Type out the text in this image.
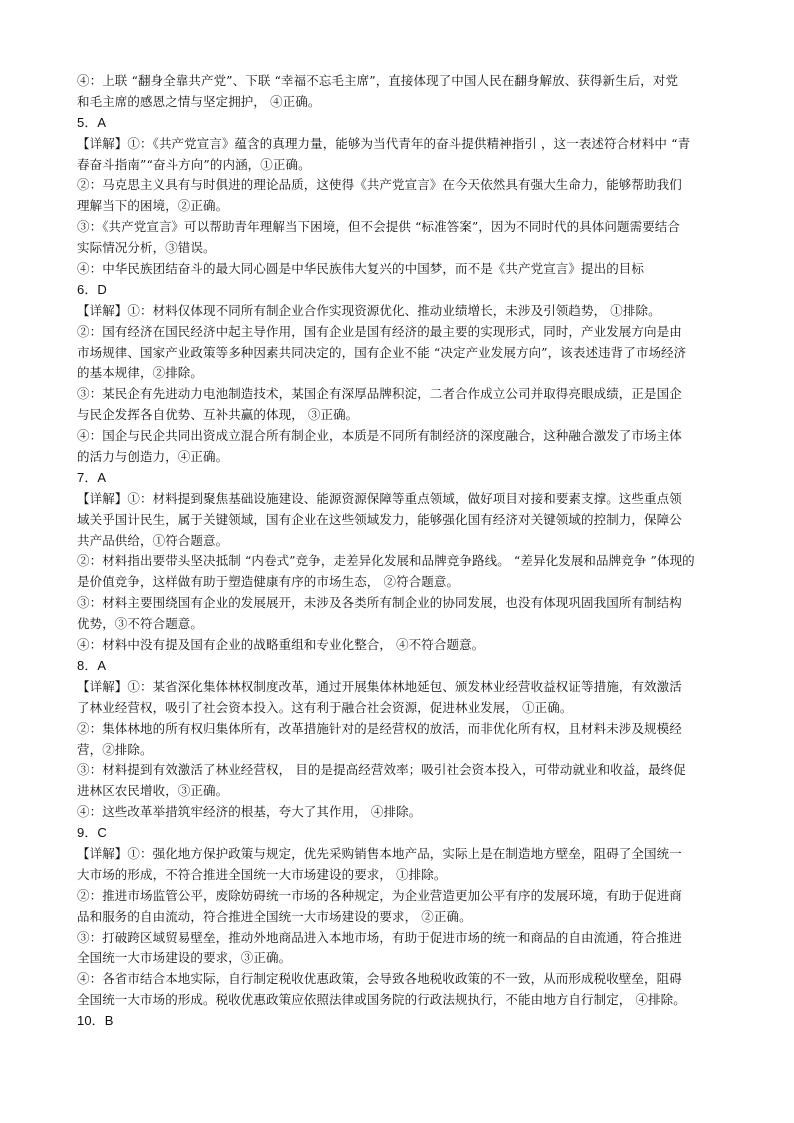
④：上联 “翻身全靠共产党”、下联 “幸福不忘毛主席”，直接体现了中国人民在翻身解放、获得新生后，对党
和毛主席的感恩之情与坚定拥护， ④正确。
5．A
【详解】①：《共产党宣言》蕴含的真理力量，能够为当代青年的奋斗提供精神指引 ，这一表述符合材料中 “青
春奋斗指南”“奋斗方向”的内涵，①正确。
②：马克思主义具有与时俱进的理论品质，这使得《共产党宣言》在今天依然具有强大生命力，能够帮助我们
理解当下的困境，②正确。
③：《共产党宣言》可以帮助青年理解当下困境，但不会提供 “标准答案”，因为不同时代的具体问题需要结合
实际情况分析，③错误。
④：中华民族团结奋斗的最大同心圆是中华民族伟大复兴的中国梦，而不是《共产党宣言》提出的目标
6．D
【详解】①：材料仅体现不同所有制企业合作实现资源优化、推动业绩增长，未涉及引领趋势， ①排除。
②：国有经济在国民经济中起主导作用，国有企业是国有经济的最主要的实现形式，同时，产业发展方向是由
市场规律、国家产业政策等多种因素共同决定的，国有企业不能 “决定产业发展方向”，该表述违背了市场经济
的基本规律，②排除。
③：某民企有先进动力电池制造技术，某国企有深厚品牌积淀，二者合作成立公司并取得亮眼成绩，正是国企
与民企发挥各自优势、互补共赢的体现， ③正确。
④：国企与民企共同出资成立混合所有制企业，本质是不同所有制经济的深度融合，这种融合激发了市场主体
的活力与创造力，④正确。
7．A
【详解】①：材料提到聚焦基础设施建设、能源资源保障等重点领域，做好项目对接和要素支撑。这些重点领
域关乎国计民生，属于关键领域，国有企业在这些领域发力，能够强化国有经济对关键领域的控制力，保障公
共产品供给，①符合题意。
②：材料指出要带头坚决抵制 “内卷式”竞争，走差异化发展和品牌竞争路线。 “差异化发展和品牌竞争 ”体现的
是价值竞争，这样做有助于塑造健康有序的市场生态， ②符合题意。
③：材料主要围绕国有企业的发展展开，未涉及各类所有制企业的协同发展，也没有体现巩固我国所有制结构
优势，③不符合题意。
④：材料中没有提及国有企业的战略重组和专业化整合， ④不符合题意。
8．A
【详解】①：某省深化集体林权制度改革，通过开展集体林地延包、颁发林业经营收益权证等措施，有效激活
了林业经营权，吸引了社会资本投入。这有利于融合社会资源，促进林业发展， ①正确。
②：集体林地的所有权归集体所有，改革措施针对的是经营权的放活，而非优化所有权，且材料未涉及规模经
营，②排除。
③：材料提到有效激活了林业经营权， 目的是提高经营效率；吸引社会资本投入，可带动就业和收益，最终促
进林区农民增收，③正确。
④：这些改革举措筑牢经济的根基，夸大了其作用， ④排除。
9．C
【详解】①：强化地方保护政策与规定，优先采购销售本地产品，实际上是在制造地方壁垒，阻碍了全国统一
大市场的形成，不符合推进全国统一大市场建设的要求， ①排除。
②：推进市场监管公平，废除妨碍统一市场的各种规定，为企业营造更加公平有序的发展环境，有助于促进商
品和服务的自由流动，符合推进全国统一大市场建设的要求， ②正确。
③：打破跨区域贸易壁垒，推动外地商品进入本地市场，有助于促进市场的统一和商品的自由流通，符合推进
全国统一大市场建设的要求，③正确。
④：各省市结合本地实际，自行制定税收优惠政策，会导致各地税收政策的不一致，从而形成税收壁垒，阻碍
全国统一大市场的形成。税收优惠政策应依照法律或国务院的行政法规执行，不能由地方自行制定， ④排除。
10．B
